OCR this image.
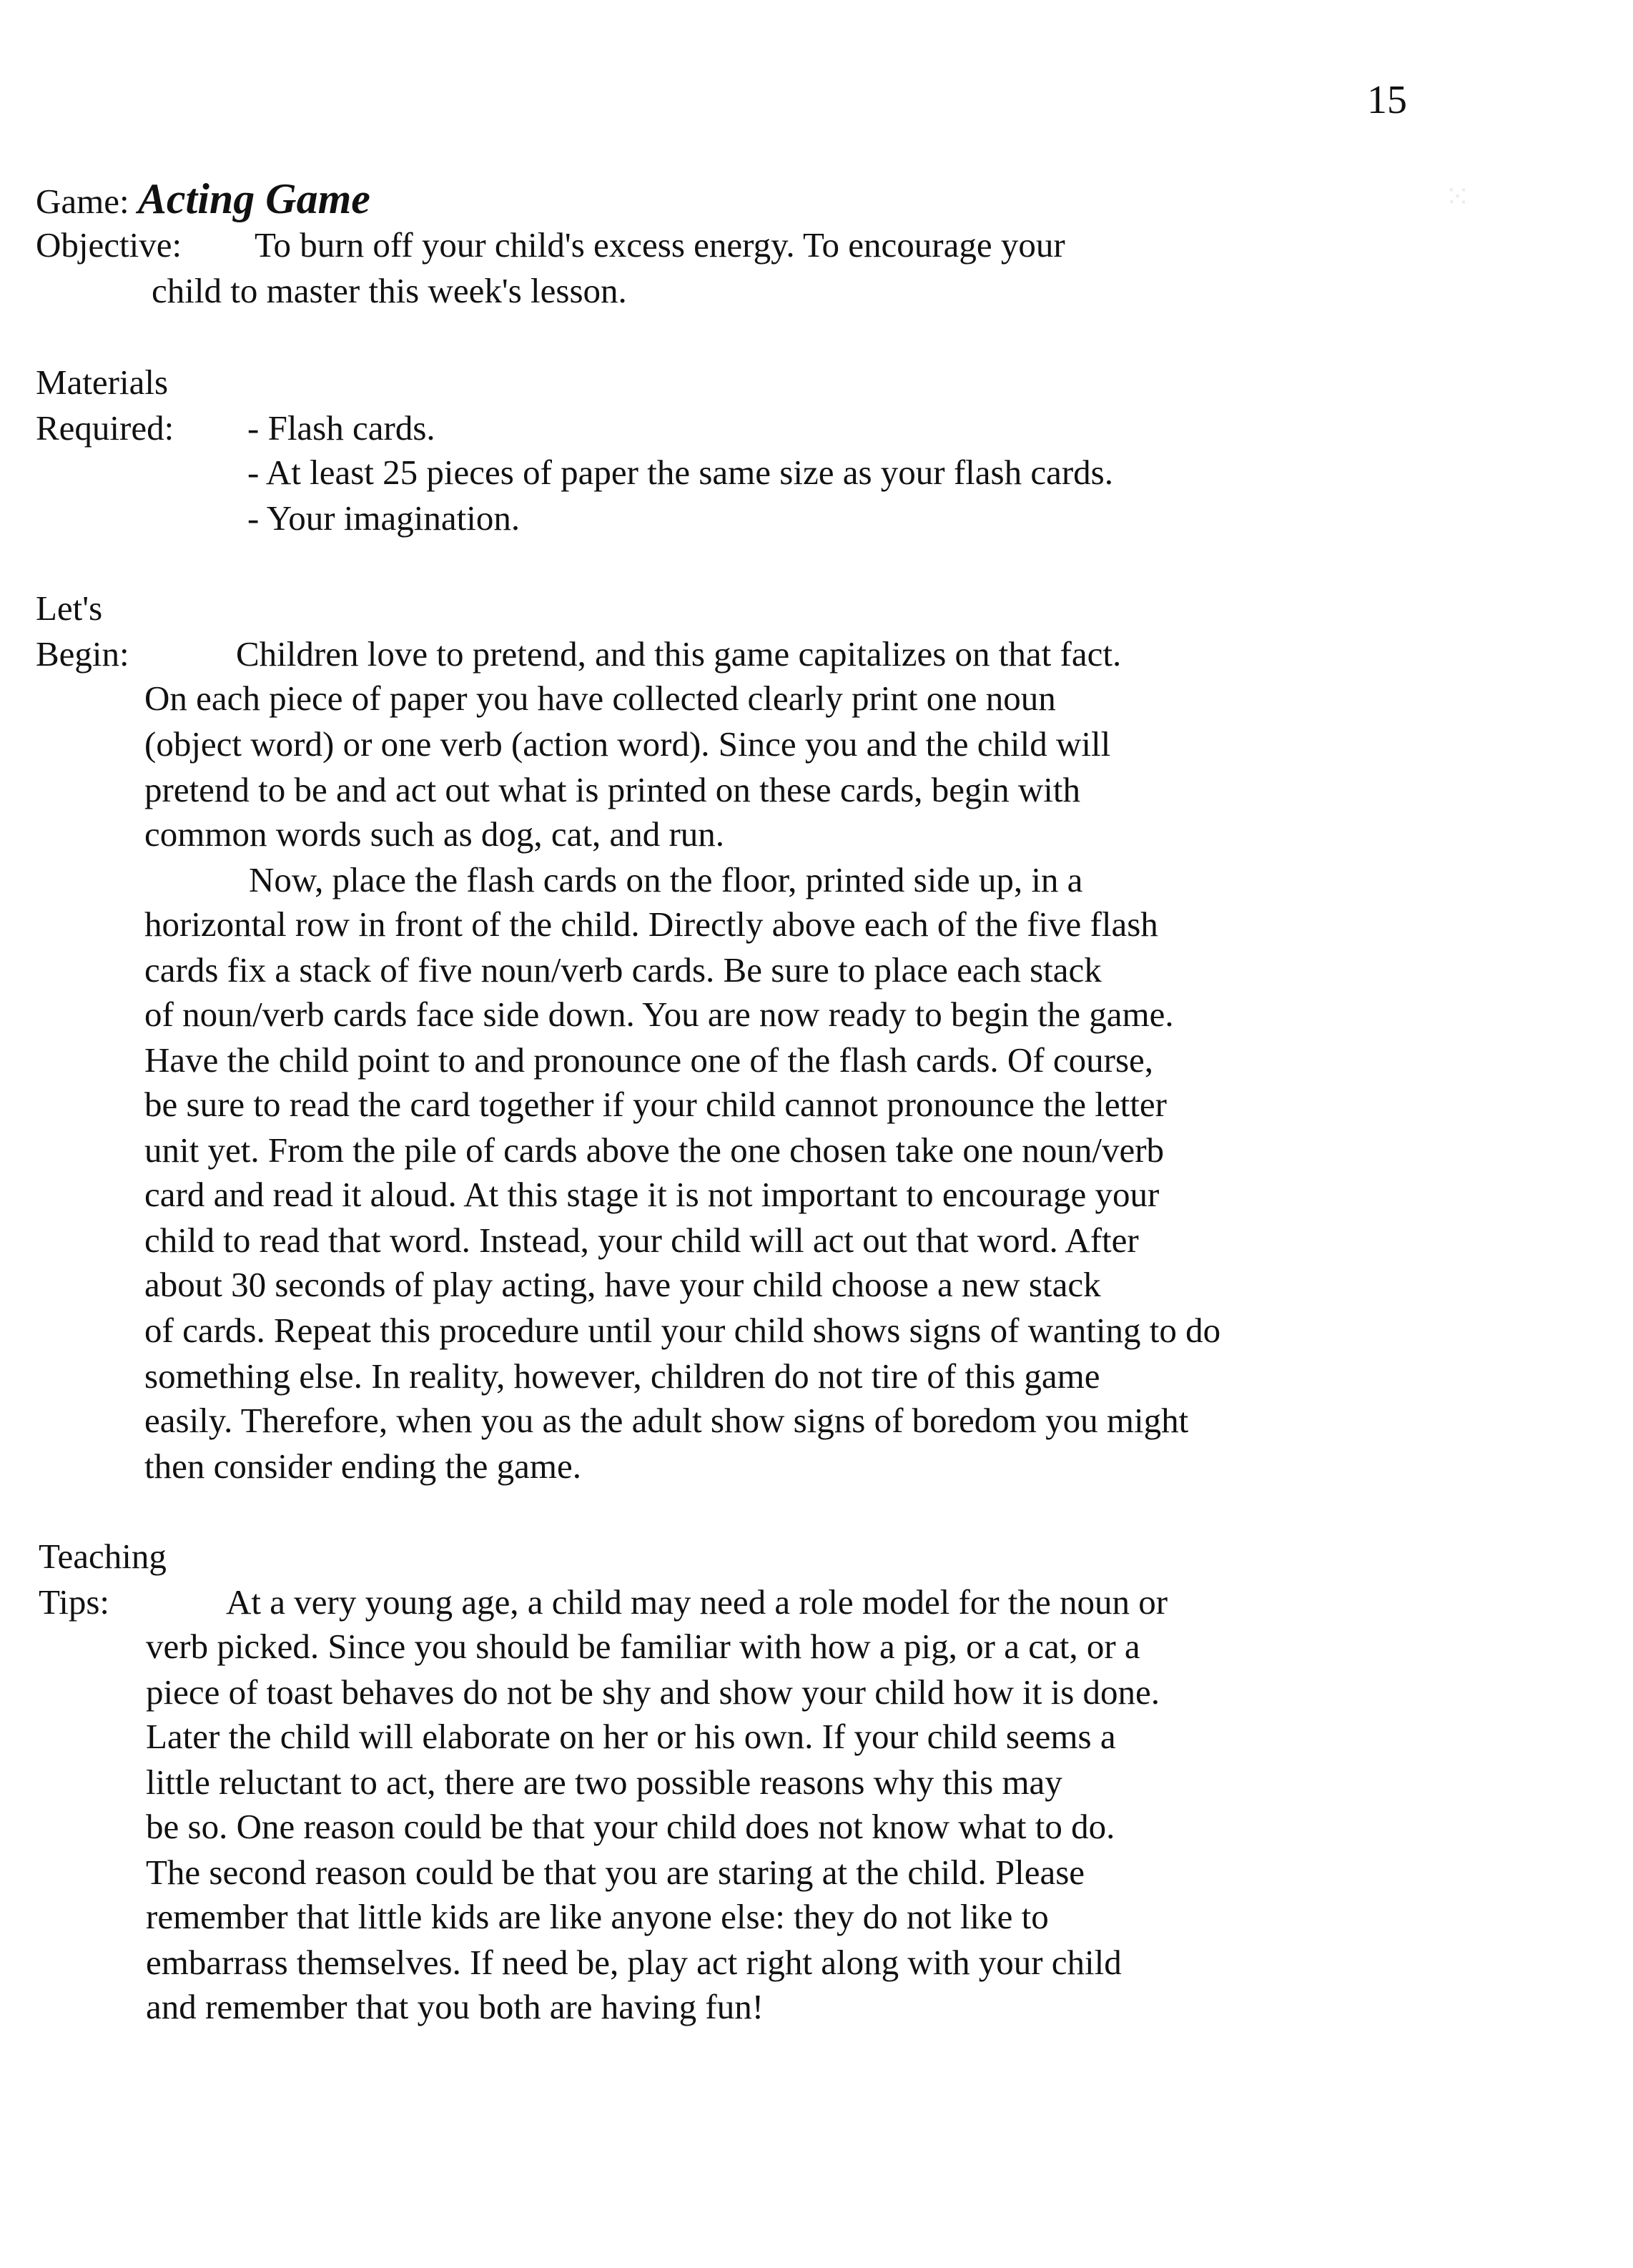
⁙
15
Game: Acting Game
Objective: To burn off your child's excess energy. To encourage your
child to master this week's lesson.
Materials
Required: - Flash cards.
- At least 25 pieces of paper the same size as your flash cards.
- Your imagination.
Let's
Begin:	Children love to pretend, and this game capitalizes on that fact.
On each piece of paper you have collected clearly print one noun
(object word) or one verb (action word). Since you and the child will
pretend to be and act out what is printed on these cards, begin with
common words such as dog, cat, and run.
Now, place the flash cards on the floor, printed side up, in a
horizontal row in front of the child. Directly above each of the five flash
cards fix a stack of five noun/verb cards. Be sure to place each stack
of noun/verb cards face side down. You are now ready to begin the game.
Have the child point to and pronounce one of the flash cards. Of course,
be sure to read the card together if your child cannot pronounce the letter
unit yet. From the pile of cards above the one chosen take one noun/verb
card and read it aloud. At this stage it is not important to encourage your
child to read that word. Instead, your child will act out that word. After
about 30 seconds of play acting, have your child choose a new stack
of cards. Repeat this procedure until your child shows signs of wanting to do
something else. In reality, however, children do not tire of this game
easily. Therefore, when you as the adult show signs of boredom you might
then consider ending the game.
Teaching
Tips:	At a very young age, a child may need a role model for the noun or
verb picked. Since you should be familiar with how a pig, or a cat, or a
piece of toast behaves do not be shy and show your child how it is done.
Later the child will elaborate on her or his own. If your child seems a
little reluctant to act, there are two possible reasons why this may
be so. One reason could be that your child does not know what to do.
The second reason could be that you are staring at the child. Please
remember that little kids are like anyone else: they do not like to
embarrass themselves. If need be, play act right along with your child
and remember that you both are having fun!
